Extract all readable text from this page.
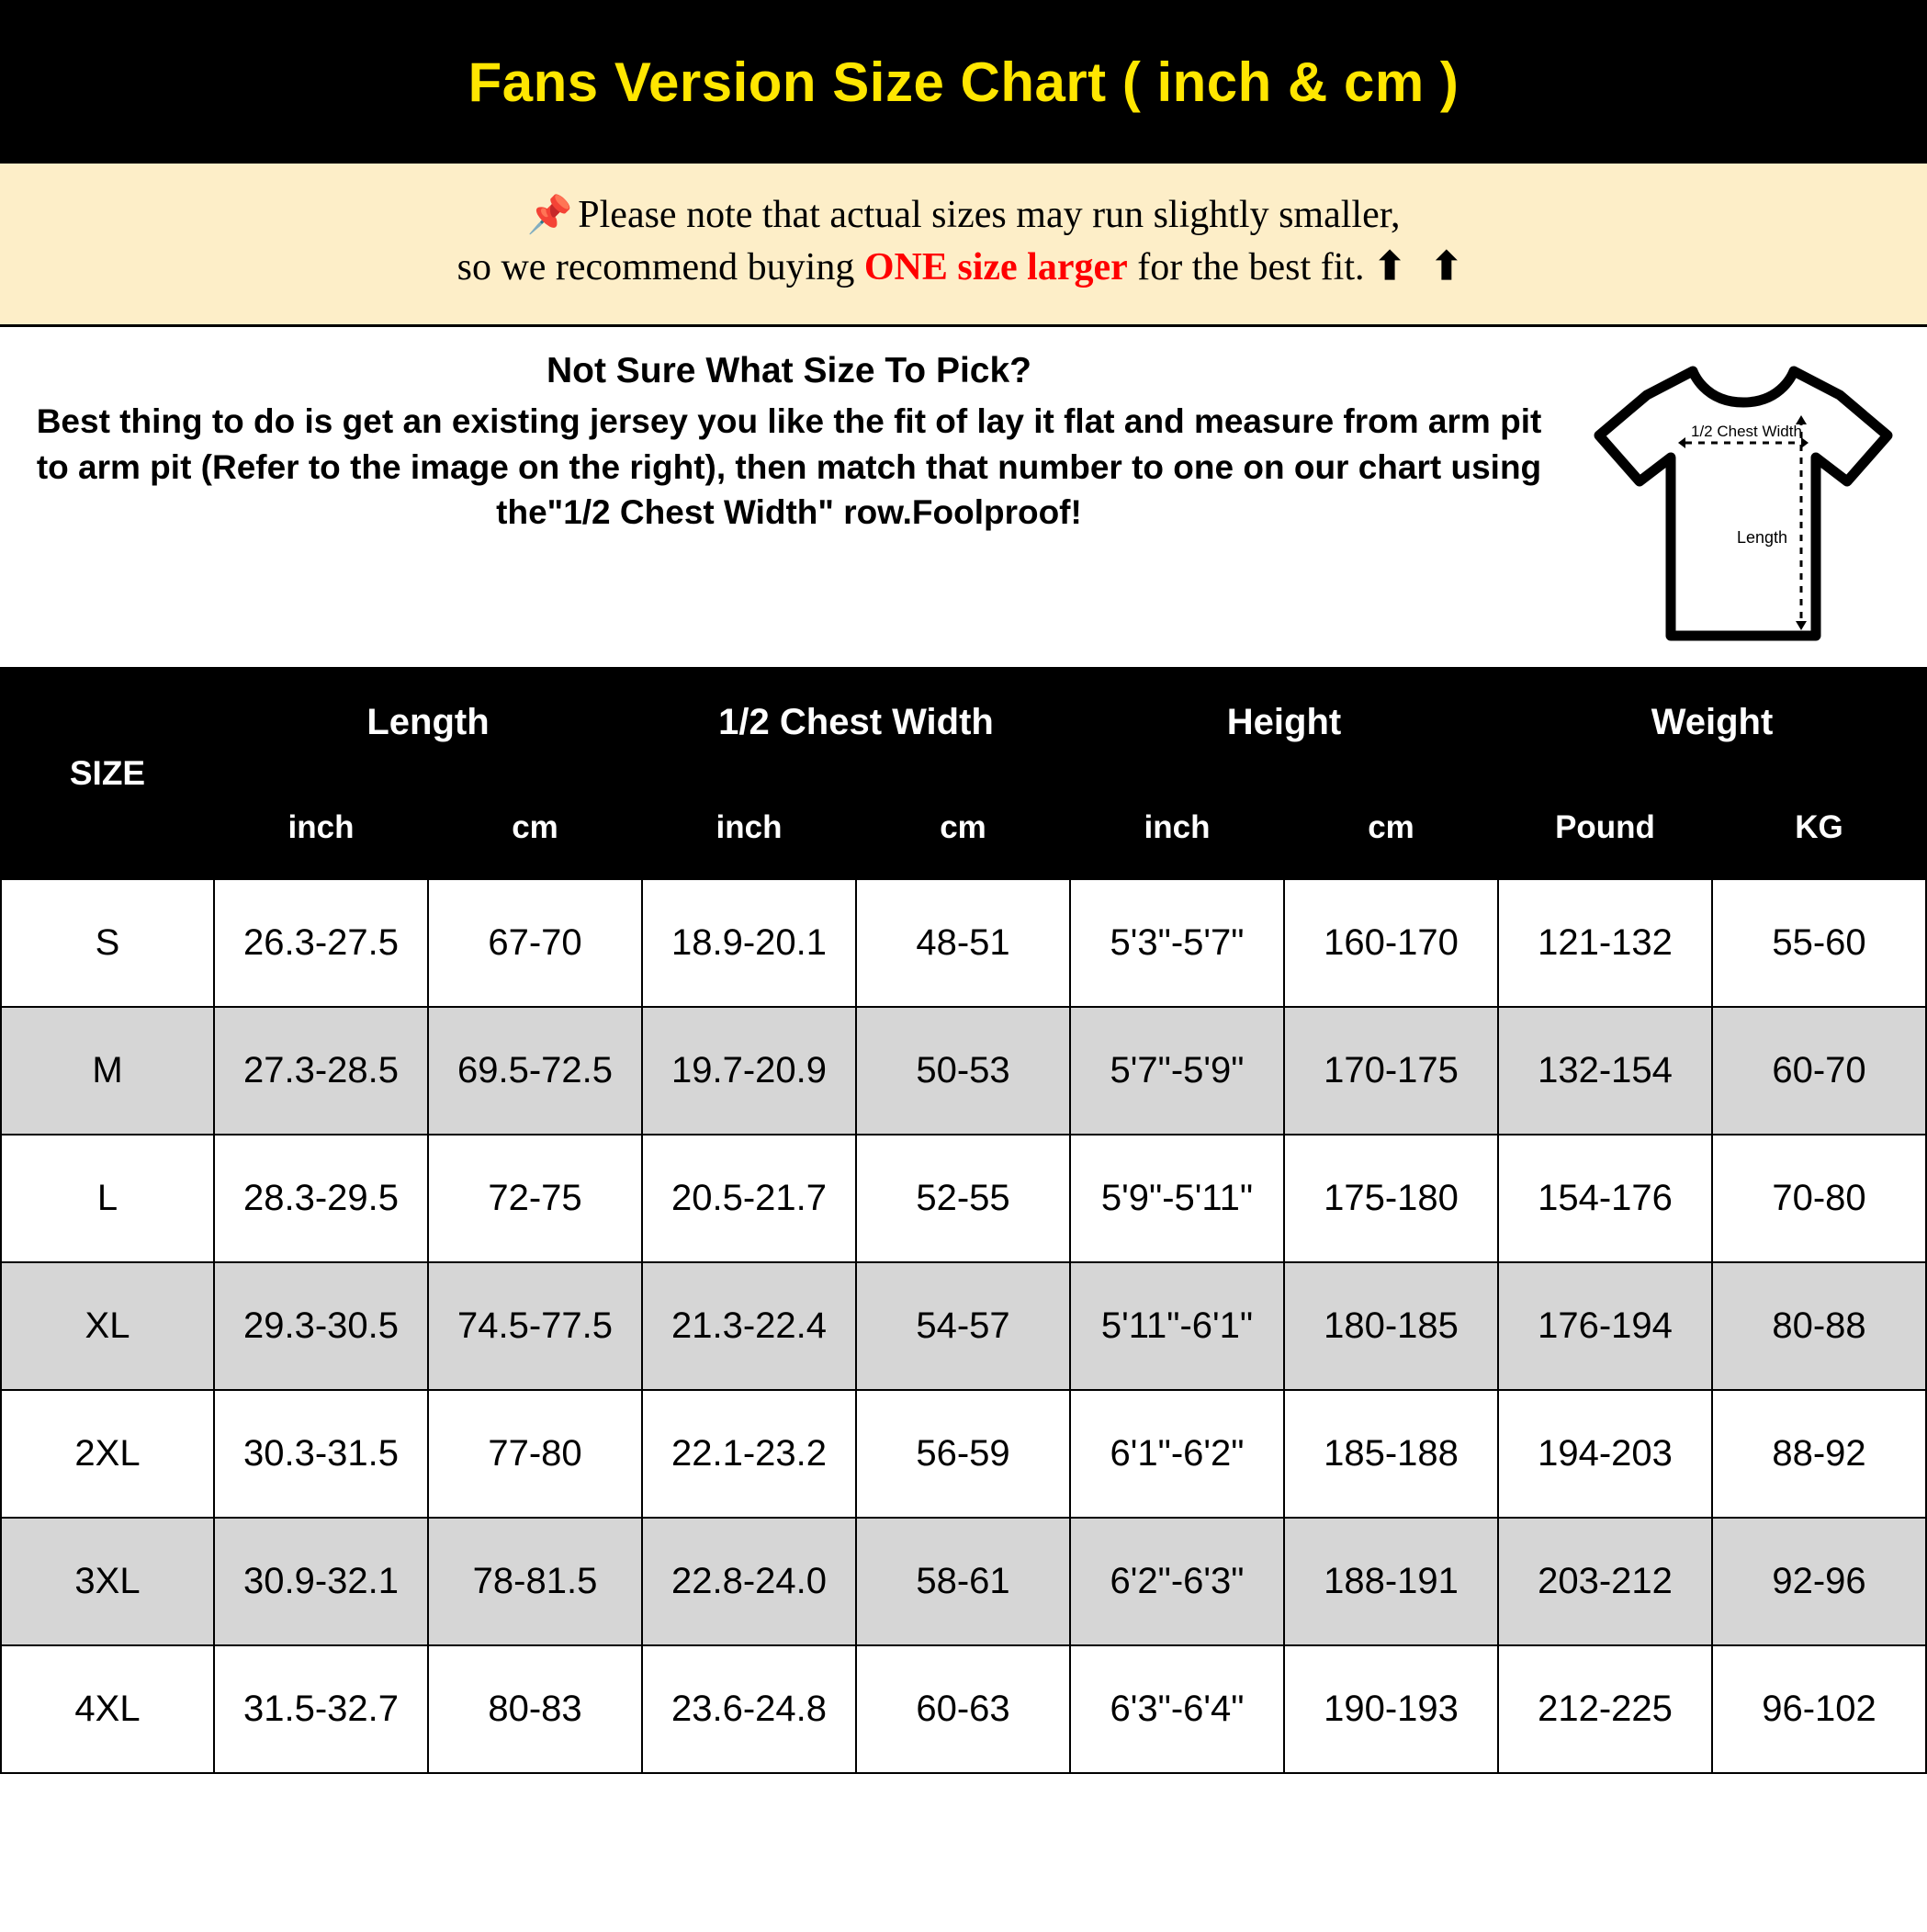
Fans Version Size Chart ( inch & cm )
📌 Please note that actual sizes may run slightly smaller,
so we recommend buying ONE size larger for the best fit. ⬆ ⬆
Not Sure What Size To Pick?
Best thing to do is get an existing jersey you like the fit of lay it flat and measure from arm pit to arm pit (Refer to the image on the right), then match that number to one on our chart using the"1/2 Chest Width" row.Foolproof!
1/2 Chest Width
Length
SIZE	Length		1/2 Chest Width		Height		Weight	
	inch	cm	inch	cm	inch	cm	Pound	KG
S	26.3-27.5	67-70	18.9-20.1	48-51	5'3"-5'7"	160-170	121-132	55-60
M	27.3-28.5	69.5-72.5	19.7-20.9	50-53	5'7"-5'9"	170-175	132-154	60-70
L	28.3-29.5	72-75	20.5-21.7	52-55	5'9"-5'11"	175-180	154-176	70-80
XL	29.3-30.5	74.5-77.5	21.3-22.4	54-57	5'11"-6'1"	180-185	176-194	80-88
2XL	30.3-31.5	77-80	22.1-23.2	56-59	6'1"-6'2"	185-188	194-203	88-92
3XL	30.9-32.1	78-81.5	22.8-24.0	58-61	6'2"-6'3"	188-191	203-212	92-96
4XL	31.5-32.7	80-83	23.6-24.8	60-63	6'3"-6'4"	190-193	212-225	96-102
